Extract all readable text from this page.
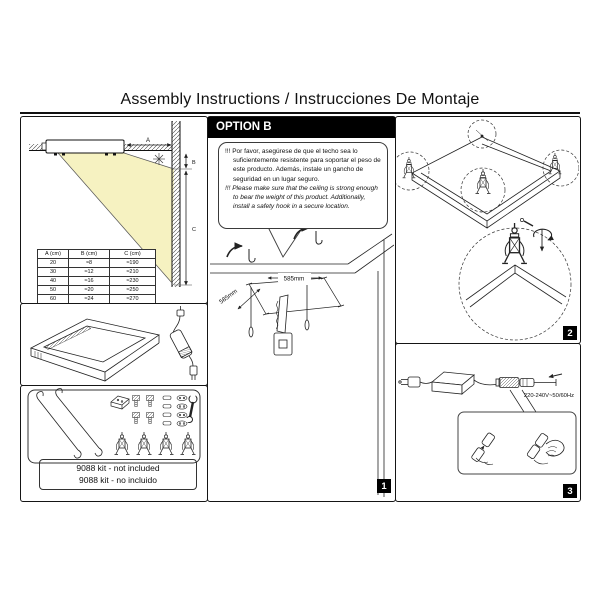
Assembly Instructions / Instrucciones De Montaje
A
B
C
A (cm)	B (cm)	C (cm)
20	≈8	≈190
30	≈12	≈210
40	≈16	≈230
50	≈20	≈250
60	≈24	≈270
9088 kit - not included
9088 kit - no incluido
OPTION B

!!! Por favor, asegúrese de que el techo sea lo suficientemente resistente para soportar el peso de este producto. Además, instale un gancho de seguridad en un lugar seguro.

!!! Please make sure that the ceiling is strong enough to bear the weight of this product. Additionally, install a safety hook in a secure location.

585mm
585mm
1
2
220-240V~50/60Hz
3
